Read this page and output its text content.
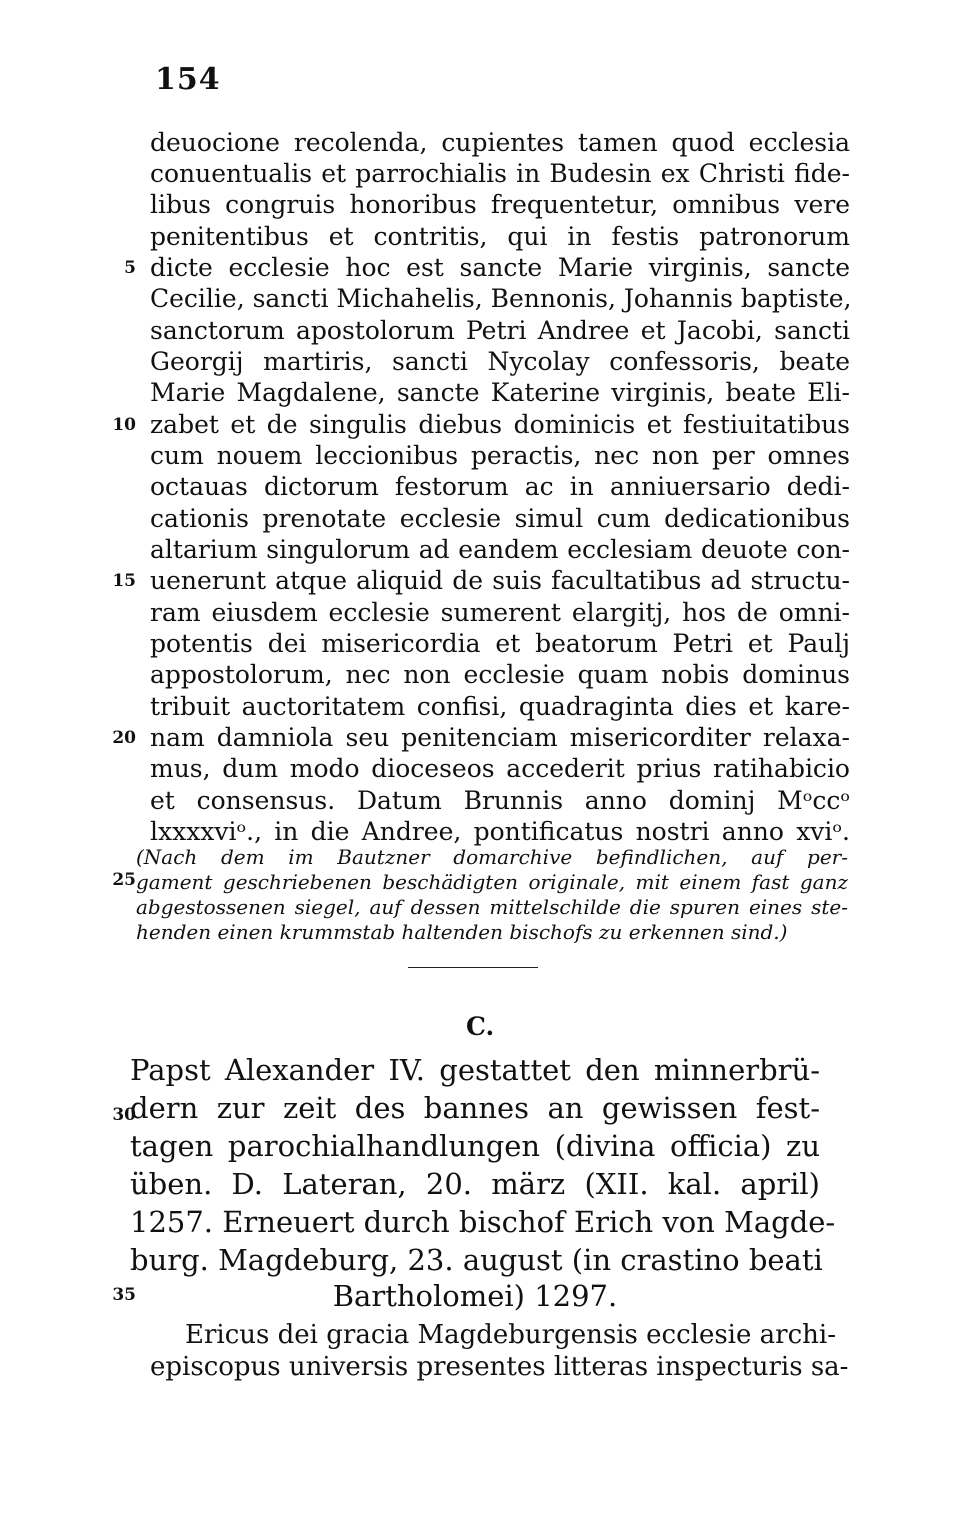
154
deuocione recolenda, cupientes tamen quod ecclesia
conuentualis et parrochialis in Budesin ex Christi fide-
libus congruis honoribus frequentetur, omnibus vere
penitentibus et contritis, qui in festis patronorum
dicte ecclesie hoc est sancte Marie virginis, sancte
Cecilie, sancti Michahelis, Bennonis, Johannis baptiste,
sanctorum apostolorum Petri Andree et Jacobi, sancti
Georgij martiris, sancti Nycolay confessoris, beate
Marie Magdalene, sancte Katerine virginis, beate Eli-
zabet et de singulis diebus dominicis et festiuitatibus
cum nouem leccionibus peractis, nec non per omnes
octauas dictorum festorum ac in anniuersario dedi-
cationis prenotate ecclesie simul cum dedicationibus
altarium singulorum ad eandem ecclesiam deuote con-
uenerunt atque aliquid de suis facultatibus ad structu-
ram eiusdem ecclesie sumerent elargitj, hos de omni-
potentis dei misericordia et beatorum Petri et Paulj
appostolorum, nec non ecclesie quam nobis dominus
tribuit auctoritatem confisi, quadraginta dies et kare-
nam damniola seu penitenciam misericorditer relaxa-
mus, dum modo dioceseos accederit prius ratihabicio
et consensus. Datum Brunnis anno dominj Mᵒccᵒ
lxxxxviᵒ., in die Andree, pontificatus nostri anno xviᵒ.
(Nach dem im Bautzner domarchive befindlichen, auf per-
gament geschriebenen beschädigten originale, mit einem fast ganz
abgestossenen siegel, auf dessen mittelschilde die spuren eines ste-
henden einen krummstab haltenden bischofs zu erkennen sind.)
5
10
15
20
25
30
35
C.
Papst Alexander IV. gestattet den minnerbrü-
dern zur zeit des bannes an gewissen fest-
tagen parochialhandlungen (divina officia) zu
üben. D. Lateran, 20. märz (XII. kal. april)
1257. Erneuert durch bischof Erich von Magde-
burg. Magdeburg, 23. august (in crastino beati
Bartholomei) 1297.
Ericus dei gracia Magdeburgensis ecclesie archi-
episcopus universis presentes litteras inspecturis sa-
